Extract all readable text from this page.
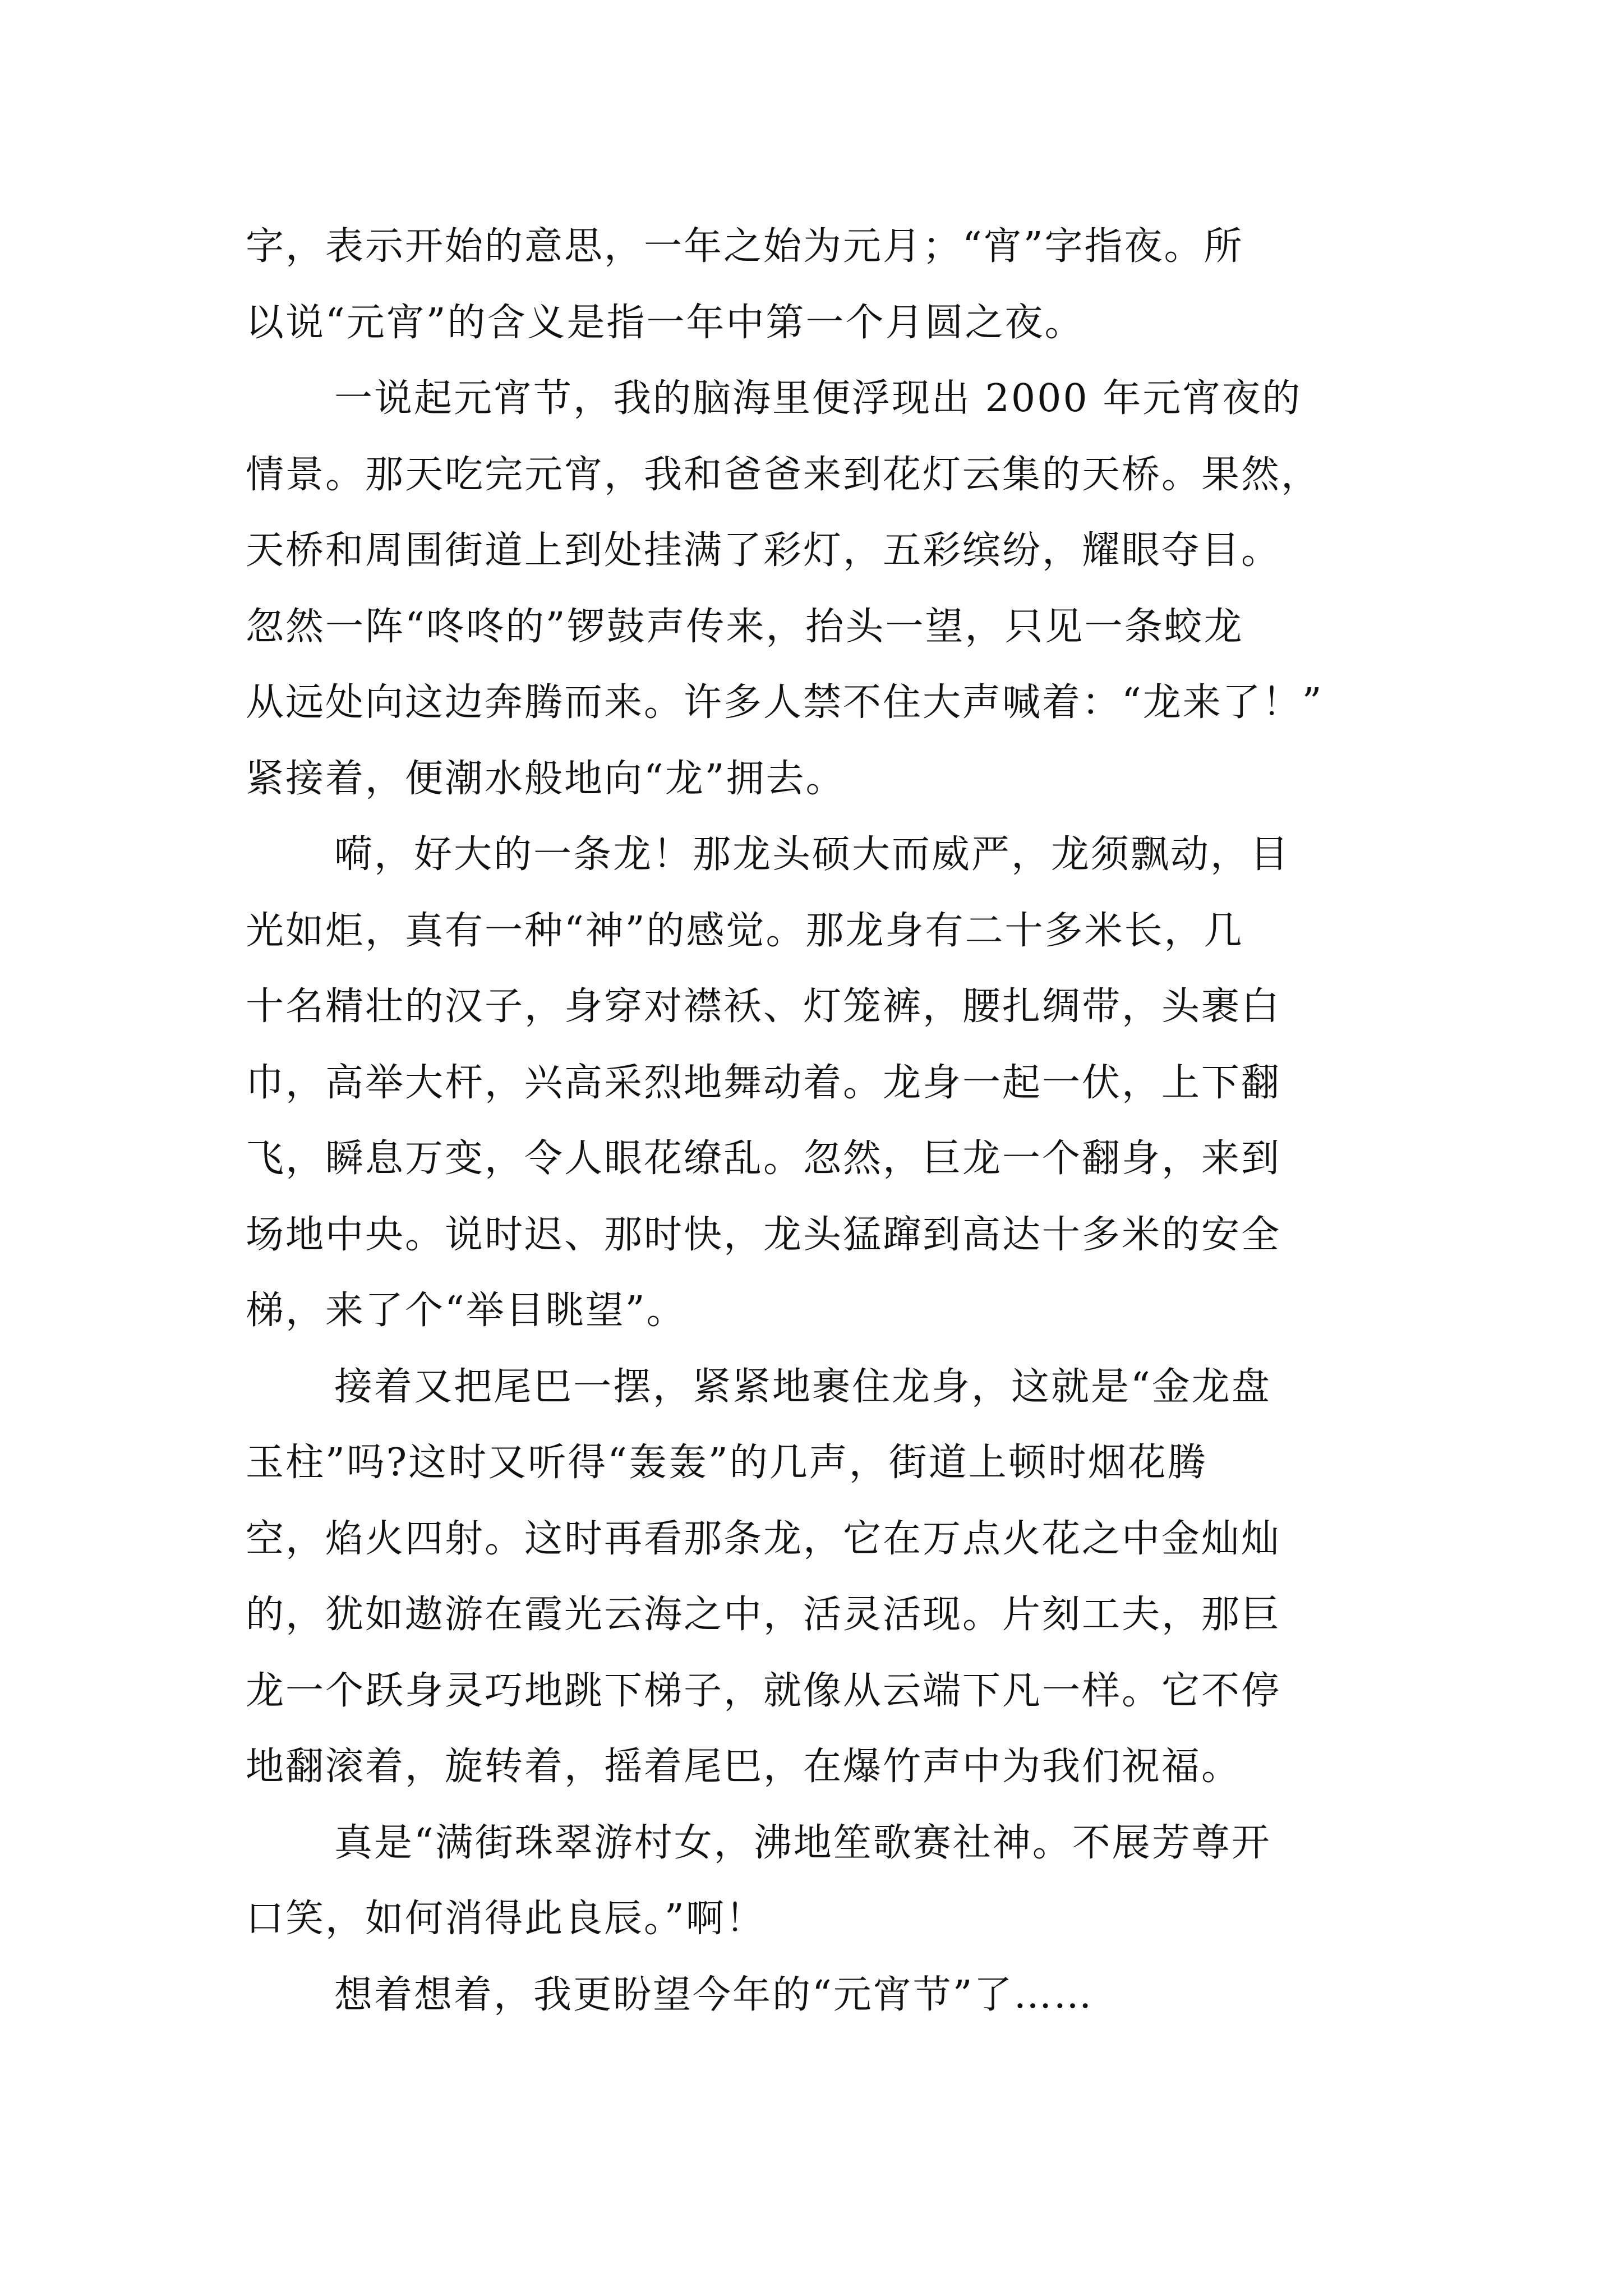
字，表示开始的意思，一年之始为元月；“宵”字指夜。所
以说“元宵”的含义是指一年中第一个月圆之夜。
一说起元宵节，我的脑海里便浮现出 2000 年元宵夜的
情景。那天吃完元宵，我和爸爸来到花灯云集的天桥。果然，
天桥和周围街道上到处挂满了彩灯，五彩缤纷，耀眼夺目。
忽然一阵“咚咚的”锣鼓声传来，抬头一望，只见一条蛟龙
从远处向这边奔腾而来。许多人禁不住大声喊着：“龙来了！”
紧接着，便潮水般地向“龙”拥去。
嗬，好大的一条龙！那龙头硕大而威严，龙须飘动，目
光如炬，真有一种“神”的感觉。那龙身有二十多米长，几
十名精壮的汉子，身穿对襟袄、灯笼裤，腰扎绸带，头裹白
巾，高举大杆，兴高采烈地舞动着。龙身一起一伏，上下翻
飞，瞬息万变，令人眼花缭乱。忽然，巨龙一个翻身，来到
场地中央。说时迟、那时快，龙头猛蹿到高达十多米的安全
梯，来了个“举目眺望”。
接着又把尾巴一摆，紧紧地裹住龙身，这就是“金龙盘
玉柱”吗?这时又听得“轰轰”的几声，街道上顿时烟花腾
空，焰火四射。这时再看那条龙，它在万点火花之中金灿灿
的，犹如遨游在霞光云海之中，活灵活现。片刻工夫，那巨
龙一个跃身灵巧地跳下梯子，就像从云端下凡一样。它不停
地翻滚着，旋转着，摇着尾巴，在爆竹声中为我们祝福。
真是“满街珠翠游村女，沸地笙歌赛社神。不展芳尊开
口笑，如何消得此良辰。”啊！
想着想着，我更盼望今年的“元宵节”了……
